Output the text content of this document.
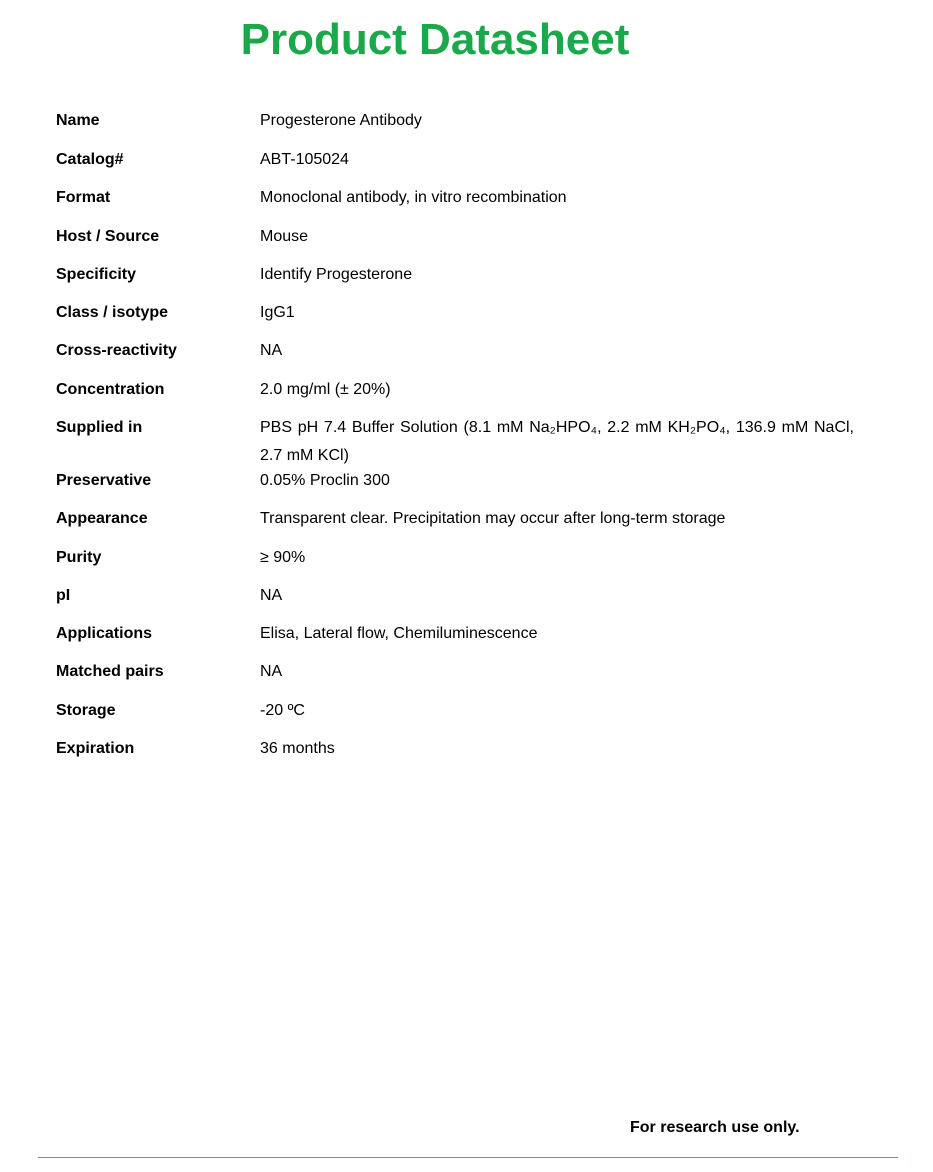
Product Datasheet
Name	Progesterone Antibody
Catalog#	ABT-105024
Format	Monoclonal antibody, in vitro recombination
Host / Source	Mouse
Specificity	Identify Progesterone
Class / isotype	IgG1
Cross-reactivity	NA
Concentration	2.0 mg/ml (± 20%)
Supplied in	PBS pH 7.4 Buffer Solution (8.1 mM Na₂HPO₄, 2.2 mM KH₂PO₄, 136.9 mM NaCl, 2.7 mM KCl)
Preservative	0.05% Proclin 300
Appearance	Transparent clear. Precipitation may occur after long-term storage
Purity	≥ 90%
pI	NA
Applications	Elisa, Lateral flow, Chemiluminescence
Matched pairs	NA
Storage	-20 ºC
Expiration	36 months
For research use only.
